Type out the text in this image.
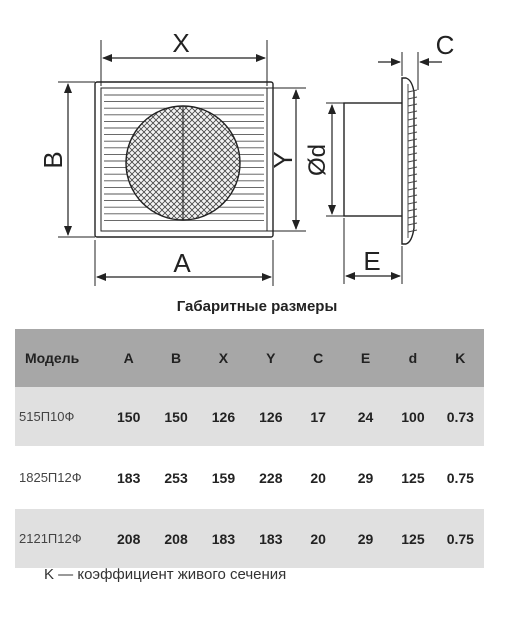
X
B	Y
A
Ød
C
E
Габаритные размеры
Модель	A	B	X	Y	C	E	d	K
515П10Ф	150	150	126	126	17	24	100	0.73
1825П12Ф	183	253	159	228	20	29	125	0.75
2121П12Ф	208	208	183	183	20	29	125	0.75
K — коэффициент живого сечения
